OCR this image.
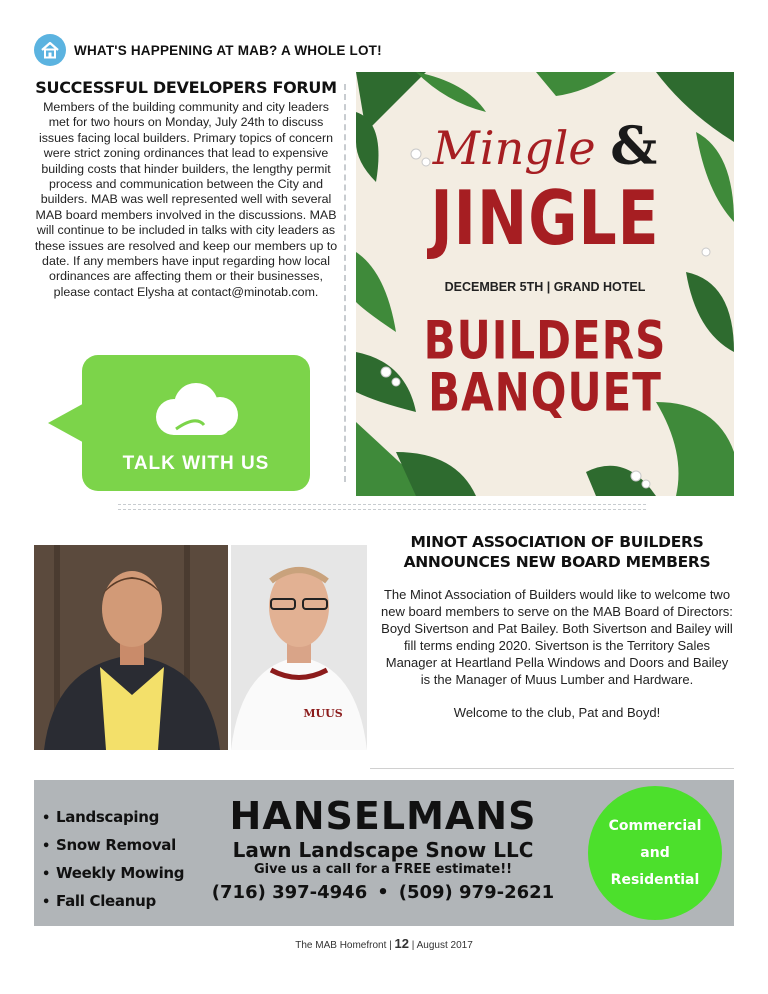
WHAT'S HAPPENING AT MAB? A WHOLE LOT!
SUCCESSFUL DEVELOPERS FORUM

Members of the building community and city leaders met for two hours on Monday, July 24th to discuss issues facing local builders. Primary topics of concern were strict zoning ordinances that lead to expensive building costs that hinder builders, the lengthy permit process and communication between the City and builders. MAB was well represented well with several MAB board members involved in the discussions. MAB will continue to be included in talks with city leaders as these issues are resolved and keep our members up to date. If any members have input regarding how local ordinances are affecting them or their businesses, please contact Elysha at contact@minotab.com.

TALK WITH US
Mingle &
JINGLE
DECEMBER 5TH | GRAND HOTEL
BUILDERS
BANQUET
MUUS
MINOT ASSOCIATION OF BUILDERS
ANNOUNCES NEW BOARD MEMBERS

The Minot Association of Builders would like to welcome two new board members to serve on the MAB Board of Directors: Boyd Sivertson and Pat Bailey. Both Sivertson and Bailey will fill terms ending 2020. Sivertson is the Territory Sales Manager at Heartland Pella Windows and Doors and Bailey is the Manager of Muus Lumber and Hardware.

Welcome to the club, Pat and Boyd!

• Landscaping
• Snow Removal
• Weekly Mowing
• Fall Cleanup
HANSELMANS
Lawn Landscape Snow LLC
Give us a call for a FREE estimate!!
(716) 397-4946 • (509) 979-2621
Commercial
and
Residential
The MAB Homefront | 12 | August 2017
